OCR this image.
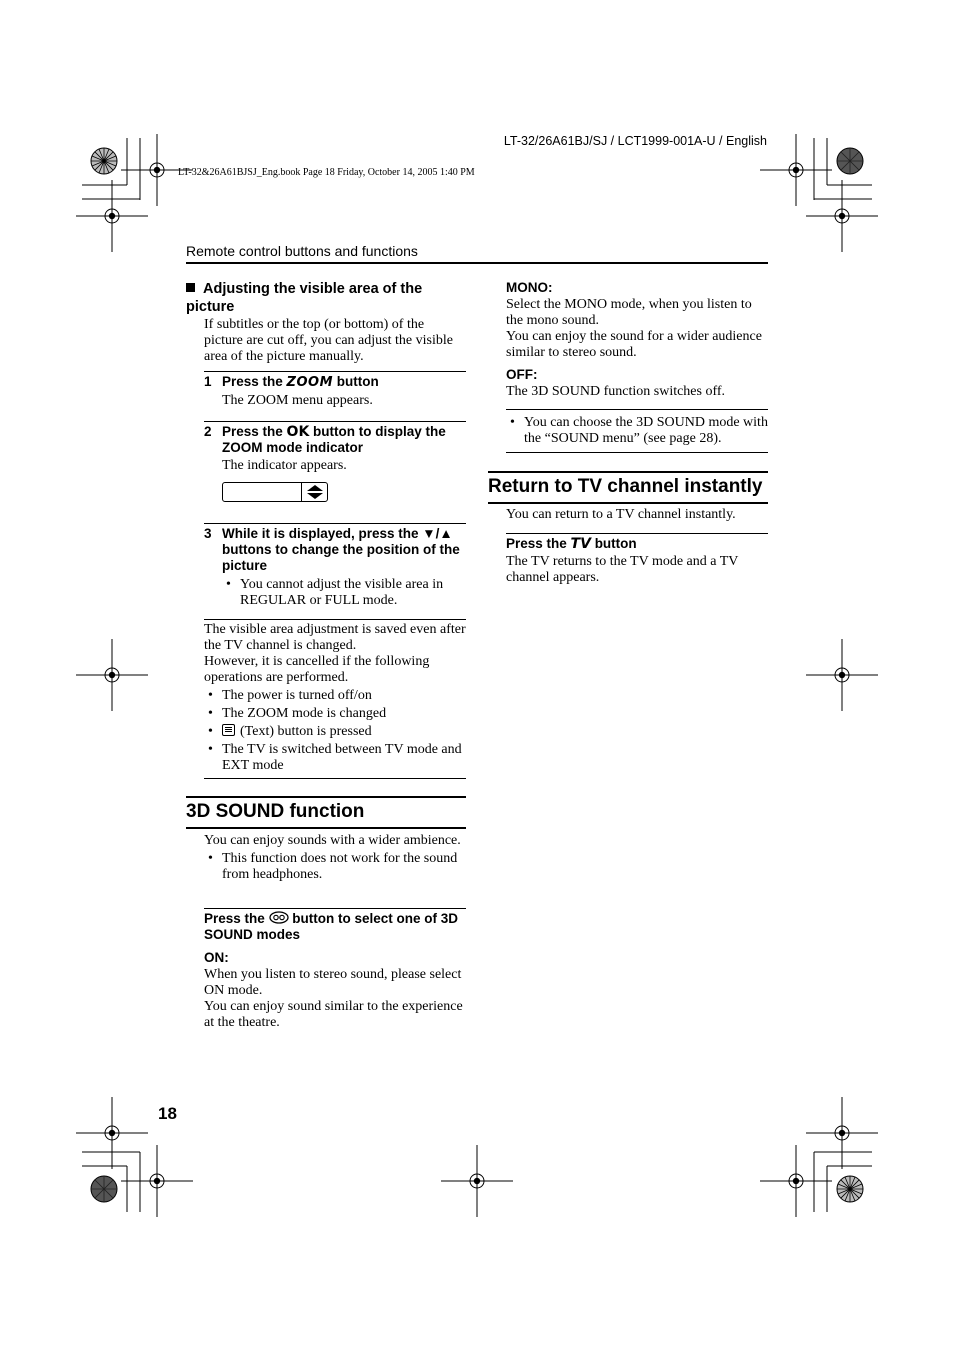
LT-32/26A61BJ/SJ / LCT1999-001A-U / English
LT-32&26A61BJSJ_Eng.book Page 18 Friday, October 14, 2005 1:40 PM
Remote control buttons and functions
Adjusting the visible area of the picture
If subtitles or the top (or bottom) of the picture are cut off, you can adjust the visible area of the picture manually.
1 Press the ZOOM button
The ZOOM menu appears.
2 Press the OK button to display the ZOOM mode indicator
The indicator appears.
3 While it is displayed, press the ▼/▲ buttons to change the position of the picture
• You cannot adjust the visible area in REGULAR or FULL mode.

The visible area adjustment is saved even after the TV channel is changed.

However, it is cancelled if the following operations are performed.

• The power is turned off/on
• The ZOOM mode is changed
• (Text) button is pressed
• The TV is switched between TV mode and EXT mode
3D SOUND function

You can enjoy sounds with a wider ambience.

• This function does not work for the sound from headphones.
Press the  button to select one of 3D SOUND modes
ON:

When you listen to stereo sound, please select ON mode.

You can enjoy sound similar to the experience at the theatre.

MONO:

Select the MONO mode, when you listen to the mono sound.

You can enjoy the sound for a wider audience similar to stereo sound.

OFF:
The 3D SOUND function switches off.
• You can choose the 3D SOUND mode with the “SOUND menu” (see page 28).
Return to TV channel instantly
You can return to a TV channel instantly.
Press the TV button
The TV returns to the TV mode and a TV channel appears.
18
